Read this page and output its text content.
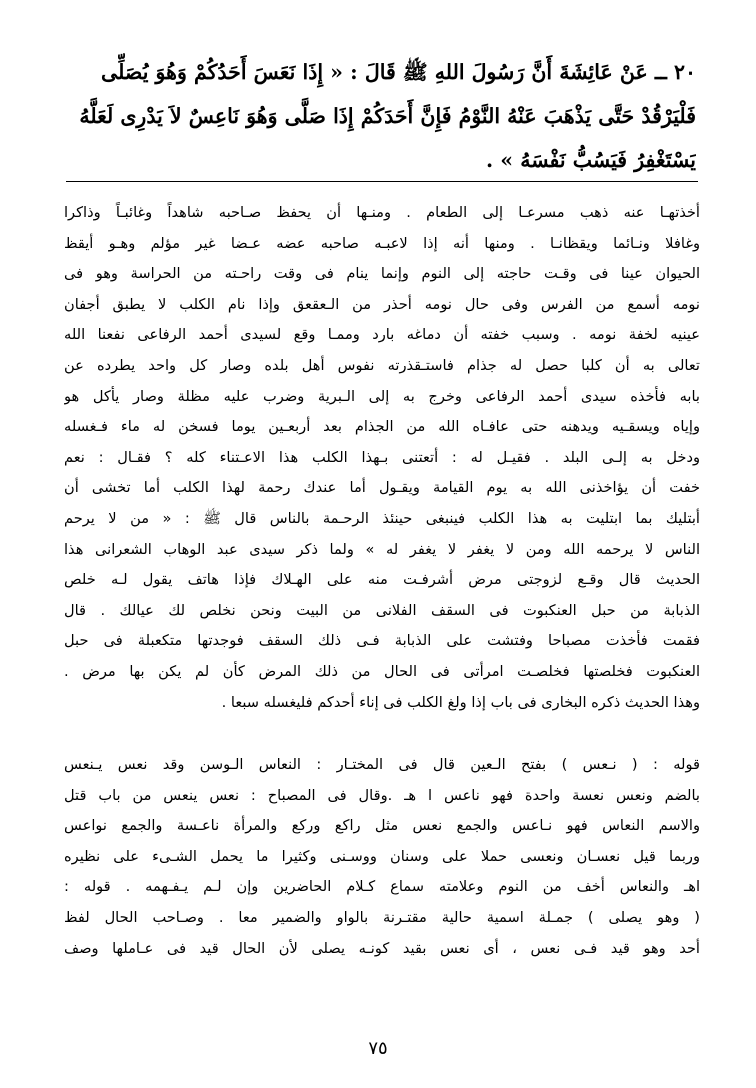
٢٠ ــ عَنْ عَائِشَةَ أَنَّ رَسُولَ اللهِ ﷺ قَالَ : « إِذَا نَعَسَ أَحَدُكُمْ وَهُوَ يُصَلِّى
فَلْيَرْقُدْ حَتَّى يَذْهَبَ عَنْهُ النَّوْمُ فَإِنَّ أَحَدَكُمْ إِذَا صَلَّى وَهُوَ نَاعِسٌ لاَ يَدْرِى لَعَلَّهُ
يَسْتَغْفِرُ فَيَسُبُّ نَفْسَهُ » .
أخذتهـا عنه ذهب مسرعـا إلى الطعام . ومنـها أن يحفظ صـاحبه شاهداً وغائبـاً وذاكرا
وغافلا ونـائما ويقظانـا . ومنها أنه إذا لاعبـه صاحبه عضه عـضا غير مؤلم وهـو أيقظ
الحيوان عينا فى وقـت حاجته إلى النوم وإنما ينام فى وقت راحـته من الحراسة وهو فى
نومه أسمع من الفرس وفى حال نومه أحذر من الـعقعق وإذا نام الكلب لا يطبق أجفان
عينيه لخفة نومه . وسبب خفته أن دماغه بارد وممـا وقع لسيدى أحمد الرفاعى نفعنا الله
تعالى به أن كلبا حصل له جذام فاستـقذرته نفوس أهل بلده وصار كل واحد يطرده عن
بابه فأخذه سيدى أحمد الرفاعى وخرج به إلى الـبرية وضرب عليه مظلة وصار يأكل هو
وإياه ويسقـيه ويدهنه حتى عافـاه الله من الجذام بعد أربعـين يوما فسخن له ماء فـغسله
ودخل به إلـى البلد . فقيـل له : أتعتنى بـهذا الكلب هذا الاعـتناء كله ؟ فقـال : نعم
خفت أن يؤاخذنى الله به يوم القيامة ويقـول أما عندك رحمة لهذا الكلب أما تخشى أن
أبتليك بما ابتليت به هذا الكلب فينبغى حينئذ الرحـمة بالناس قال ﷺ : « من لا يرحم
الناس لا يرحمه الله ومن لا يغفر لا يغفر له » ولما ذكر سيدى عبد الوهاب الشعرانى هذا
الحديث قال وقـع لزوجتى مرض أشرفـت منه على الهـلاك فإذا هاتف يقول لـه خلص
الذبابة من حبل العنكبوت فى السقف الفلانى من البيت ونحن نخلص لك عيالك . قال
فقمت فأخذت مصباحا وفتشت على الذبابة فـى ذلك السقف فوجدتها متكعبلة فى حبل
العنكبوت فخلصتها فخلصـت امرأتى فى الحال من ذلك المرض كأن لم يكن بها مرض .
وهذا الحديث ذكره البخارى فى باب إذا ولغ الكلب فى إناء أحدكم فليغسله سبعا .
قوله : ( نـعس ) بفتح الـعين قال فى المختـار : النعاس الـوسن وقد نعس يـنعس
بالضم ونعس نعسة واحدة فهو ناعس ا هـ .وقال فى المصباح : نعس ينعس من باب قتل
والاسم النعاس فهو نـاعس والجمع نعس مثل راكع وركع والمرأة ناعـسة والجمع نواعس
وربما قيل نعسـان ونعسى حملا على وسنان ووسـنى وكثيرا ما يحمل الشـىء على نظيره
اهـ والنعاس أخف من النوم وعلامته سماع كـلام الحاضرين وإن لـم يـفـهمه . قوله :
( وهو يصلى ) جمـلة اسمية حالية مقتـرنة بالواو والضمير معا . وصـاحب الحال لفظ
أحد وهو قيد فـى نعس ، أى نعس بقيد كونـه يصلى لأن الحال قيد فى عـاملها وصف
٧٥
